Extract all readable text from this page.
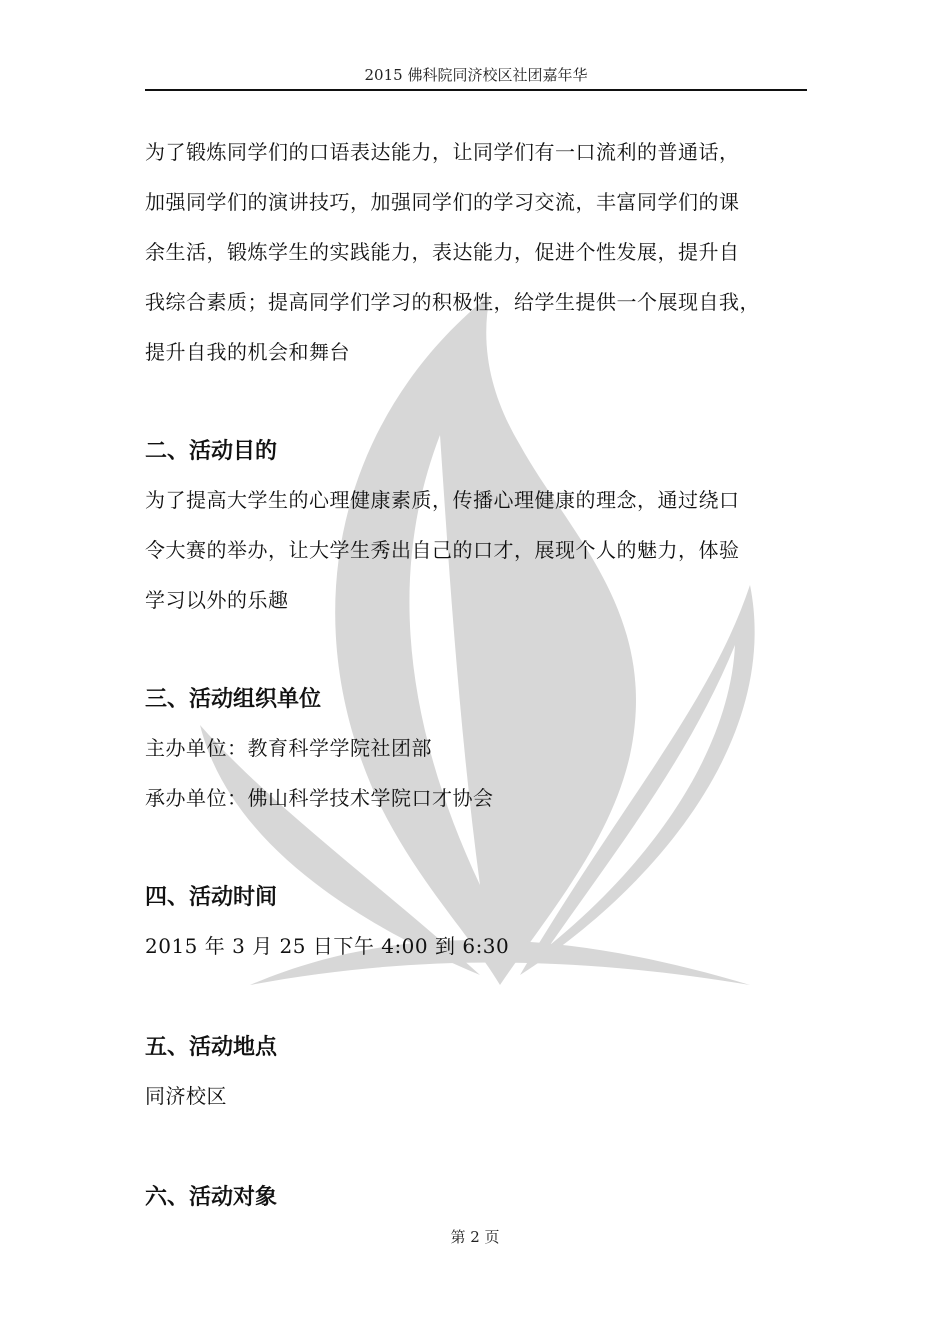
2015 佛科院同济校区社团嘉年华
为了锻炼同学们的口语表达能力，让同学们有一口流利的普通话，
加强同学们的演讲技巧，加强同学们的学习交流，丰富同学们的课
余生活，锻炼学生的实践能力，表达能力，促进个性发展，提升自
我综合素质；提高同学们学习的积极性，给学生提供一个展现自我，
提升自我的机会和舞台
二、活动目的
为了提高大学生的心理健康素质，传播心理健康的理念，通过绕口
令大赛的举办，让大学生秀出自己的口才，展现个人的魅力，体验
学习以外的乐趣
三、活动组织单位
主办单位：教育科学学院社团部
承办单位：佛山科学技术学院口才协会
四、活动时间
2015 年 3 月 25 日下午 4:00 到 6:30
五、活动地点
同济校区
六、活动对象
第 2 页
